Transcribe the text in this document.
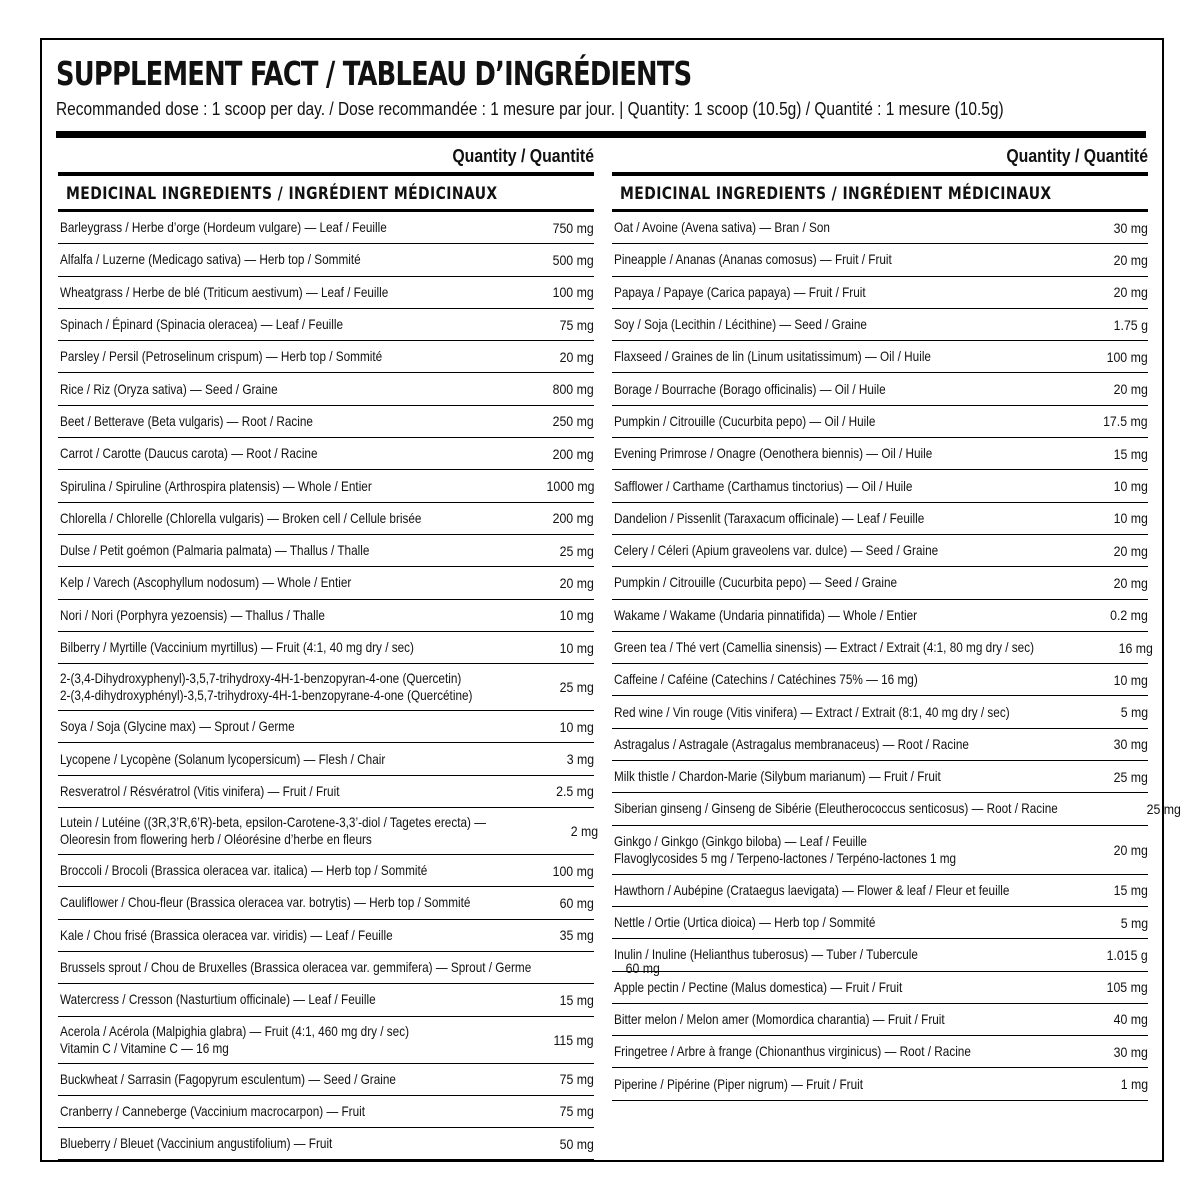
SUPPLEMENT FACT / TABLEAU D’INGRÉDIENTS
Recommanded dose : 1 scoop per day. / Dose recommandée : 1 mesure par jour. | Quantity: 1 scoop (10.5g) / Quantité : 1 mesure (10.5g)
Quantity / Quantité
MEDICINAL INGREDIENTS / INGRÉDIENT MÉDICINAUX
Barleygrass / Herbe d’orge (Hordeum vulgare) — Leaf / Feuille	750 mg
Alfalfa / Luzerne (Medicago sativa) — Herb top / Sommité	500 mg
Wheatgrass / Herbe de blé (Triticum aestivum) — Leaf / Feuille	100 mg
Spinach / Épinard (Spinacia oleracea) — Leaf / Feuille	75 mg
Parsley / Persil (Petroselinum crispum) — Herb top / Sommité	20 mg
Rice / Riz (Oryza sativa) — Seed / Graine	800 mg
Beet / Betterave (Beta vulgaris) — Root / Racine	250 mg
Carrot / Carotte (Daucus carota) — Root / Racine	200 mg
Spirulina / Spiruline (Arthrospira platensis) — Whole / Entier	1000 mg
Chlorella / Chlorelle (Chlorella vulgaris) — Broken cell / Cellule brisée	200 mg
Dulse / Petit goémon (Palmaria palmata) — Thallus / Thalle	25 mg
Kelp / Varech (Ascophyllum nodosum) — Whole / Entier	20 mg
Nori / Nori (Porphyra yezoensis) — Thallus / Thalle	10 mg
Bilberry / Myrtille (Vaccinium myrtillus) — Fruit (4:1, 40 mg dry / sec)	10 mg
2-(3,4-Dihydroxyphenyl)-3,5,7-trihydroxy-4H-1-benzopyran-4-one (Quercetin)
2-(3,4-dihydroxyphényl)-3,5,7-trihydroxy-4H-1-benzopyrane-4-one (Quercétine)	25 mg
Soya / Soja (Glycine max) — Sprout / Germe	10 mg
Lycopene / Lycopène (Solanum lycopersicum) — Flesh / Chair	3 mg
Resveratrol / Résvératrol (Vitis vinifera) — Fruit / Fruit	2.5 mg
Lutein / Lutéine ((3R,3’R,6’R)-beta, epsilon-Carotene-3,3’-diol / Tagetes erecta) —
Oleoresin from flowering herb / Oléorésine d’herbe en fleurs	2 mg
Broccoli / Brocoli (Brassica oleracea var. italica) — Herb top / Sommité	100 mg
Cauliflower / Chou-fleur (Brassica oleracea var. botrytis) — Herb top / Sommité	60 mg
Kale / Chou frisé (Brassica oleracea var. viridis) — Leaf / Feuille	35 mg
Brussels sprout / Chou de Bruxelles (Brassica oleracea var. gemmifera) — Sprout / Germe	60 mg
Watercress / Cresson (Nasturtium officinale) — Leaf / Feuille	15 mg
Acerola / Acérola (Malpighia glabra) — Fruit (4:1, 460 mg dry / sec)
Vitamin C / Vitamine C — 16 mg	115 mg
Buckwheat / Sarrasin (Fagopyrum esculentum) — Seed / Graine	75 mg
Cranberry / Canneberge (Vaccinium macrocarpon) — Fruit	75 mg
Blueberry / Bleuet (Vaccinium angustifolium) — Fruit	50 mg
Quantity / Quantité
MEDICINAL INGREDIENTS / INGRÉDIENT MÉDICINAUX
Oat / Avoine (Avena sativa) — Bran / Son	30 mg
Pineapple / Ananas (Ananas comosus) — Fruit / Fruit	20 mg
Papaya / Papaye (Carica papaya) — Fruit / Fruit	20 mg
Soy / Soja (Lecithin / Lécithine) — Seed / Graine	1.75 g
Flaxseed / Graines de lin (Linum usitatissimum) — Oil / Huile	100 mg
Borage / Bourrache (Borago officinalis) — Oil / Huile	20 mg
Pumpkin / Citrouille (Cucurbita pepo) — Oil / Huile	17.5 mg
Evening Primrose / Onagre (Oenothera biennis) — Oil / Huile	15 mg
Safflower / Carthame (Carthamus tinctorius) — Oil / Huile	10 mg
Dandelion / Pissenlit (Taraxacum officinale) — Leaf / Feuille	10 mg
Celery / Céleri (Apium graveolens var. dulce) — Seed / Graine	20 mg
Pumpkin / Citrouille (Cucurbita pepo) — Seed / Graine	20 mg
Wakame / Wakame (Undaria pinnatifida) — Whole / Entier	0.2 mg
Green tea / Thé vert (Camellia sinensis) — Extract / Extrait (4:1, 80 mg dry / sec)	16 mg
Caffeine / Caféine (Catechins / Catéchines 75% — 16 mg)	10 mg
Red wine / Vin rouge (Vitis vinifera) — Extract / Extrait (8:1, 40 mg dry / sec)	5 mg
Astragalus / Astragale (Astragalus membranaceus) — Root / Racine	30 mg
Milk thistle / Chardon-Marie (Silybum marianum) — Fruit / Fruit	25 mg
Siberian ginseng / Ginseng de Sibérie (Eleutherococcus senticosus) — Root / Racine	25 mg
Ginkgo / Ginkgo (Ginkgo biloba) — Leaf / Feuille
Flavoglycosides 5 mg / Terpeno-lactones / Terpéno-lactones 1 mg	20 mg
Hawthorn / Aubépine (Crataegus laevigata) — Flower & leaf / Fleur et feuille	15 mg
Nettle / Ortie (Urtica dioica) — Herb top / Sommité	5 mg
Inulin / Inuline (Helianthus tuberosus) — Tuber / Tubercule	1.015 g
Apple pectin / Pectine (Malus domestica) — Fruit / Fruit	105 mg
Bitter melon / Melon amer (Momordica charantia) — Fruit / Fruit	40 mg
Fringetree / Arbre à frange (Chionanthus virginicus) — Root / Racine	30 mg
Piperine / Pipérine (Piper nigrum) — Fruit / Fruit	1 mg
